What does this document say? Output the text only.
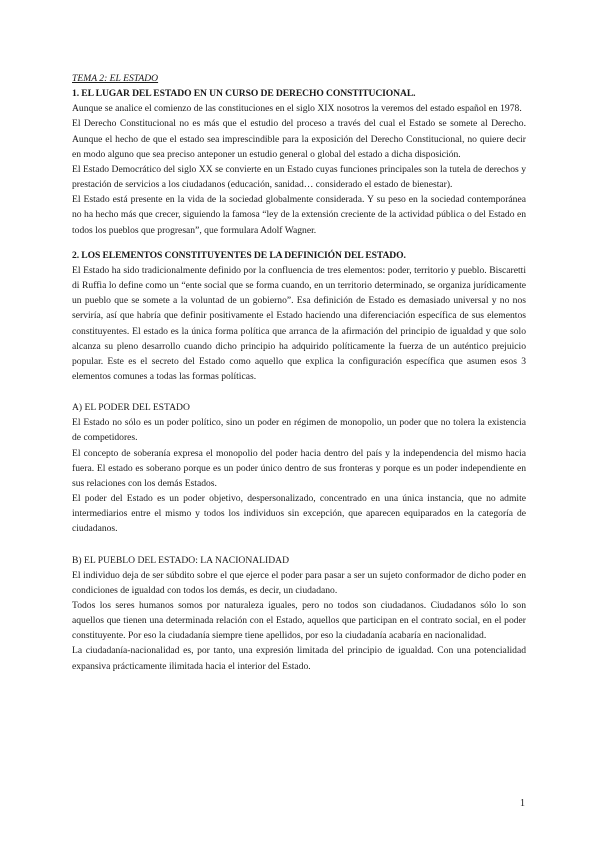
TEMA 2: EL ESTADO
1. EL LUGAR DEL ESTADO EN UN CURSO DE DERECHO CONSTITUCIONAL.

Aunque se analice el comienzo de las constituciones en el siglo XIX nosotros la veremos del estado español en 1978.

El Derecho Constitucional no es más que el estudio del proceso a través del cual el Estado se somete al Derecho. Aunque el hecho de que el estado sea imprescindible para la exposición del Derecho Constitucional, no quiere decir en modo alguno que sea preciso anteponer un estudio general o global del estado a dicha disposición.

El Estado Democrático del siglo XX se convierte en un Estado cuyas funciones principales son la tutela de derechos y prestación de servicios a los ciudadanos (educación, sanidad… considerado el estado de bienestar).

El Estado está presente en la vida de la sociedad globalmente considerada. Y su peso en la sociedad contemporánea no ha hecho más que crecer, siguiendo la famosa “ley de la extensión creciente de la actividad pública o del Estado en todos los pueblos que progresan”, que formulara Adolf Wagner.

2. LOS ELEMENTOS CONSTITUYENTES DE LA DEFINICIÓN DEL ESTADO.

El Estado ha sido tradicionalmente definido por la confluencia de tres elementos: poder, territorio y pueblo. Biscaretti di Ruffia lo define como un “ente social que se forma cuando, en un territorio determinado, se organiza jurídicamente un pueblo que se somete a la voluntad de un gobierno”. Esa definición de Estado es demasiado universal y no nos serviría, así que habría que definir positivamente el Estado haciendo una diferenciación específica de sus elementos constituyentes. El estado es la única forma política que arranca de la afirmación del principio de igualdad y que solo alcanza su pleno desarrollo cuando dicho principio ha adquirido políticamente la fuerza de un auténtico prejuicio popular. Este es el secreto del Estado como aquello que explica la configuración específica que asumen esos 3 elementos comunes a todas las formas políticas.

A) EL PODER DEL ESTADO

El Estado no sólo es un poder político, sino un poder en régimen de monopolio, un poder que no tolera la existencia de competidores.

El concepto de soberanía expresa el monopolio del poder hacia dentro del país y la independencia del mismo hacia fuera. El estado es soberano porque es un poder único dentro de sus fronteras y porque es un poder independiente en sus relaciones con los demás Estados.

El poder del Estado es un poder objetivo, despersonalizado, concentrado en una única instancia, que no admite intermediarios entre el mismo y todos los individuos sin excepción, que aparecen equiparados en la categoría de ciudadanos.

B) EL PUEBLO DEL ESTADO: LA NACIONALIDAD

El individuo deja de ser súbdito sobre el que ejerce el poder para pasar a ser un sujeto conformador de dicho poder en condiciones de igualdad con todos los demás, es decir, un ciudadano.

Todos los seres humanos somos por naturaleza iguales, pero no todos son ciudadanos. Ciudadanos sólo lo son aquellos que tienen una determinada relación con el Estado, aquellos que participan en el contrato social, en el poder constituyente. Por eso la ciudadanía siempre tiene apellidos, por eso la ciudadanía acabaría en nacionalidad.

La ciudadanía-nacionalidad es, por tanto, una expresión limitada del principio de igualdad. Con una potencialidad expansiva prácticamente ilimitada hacia el interior del Estado.

1
